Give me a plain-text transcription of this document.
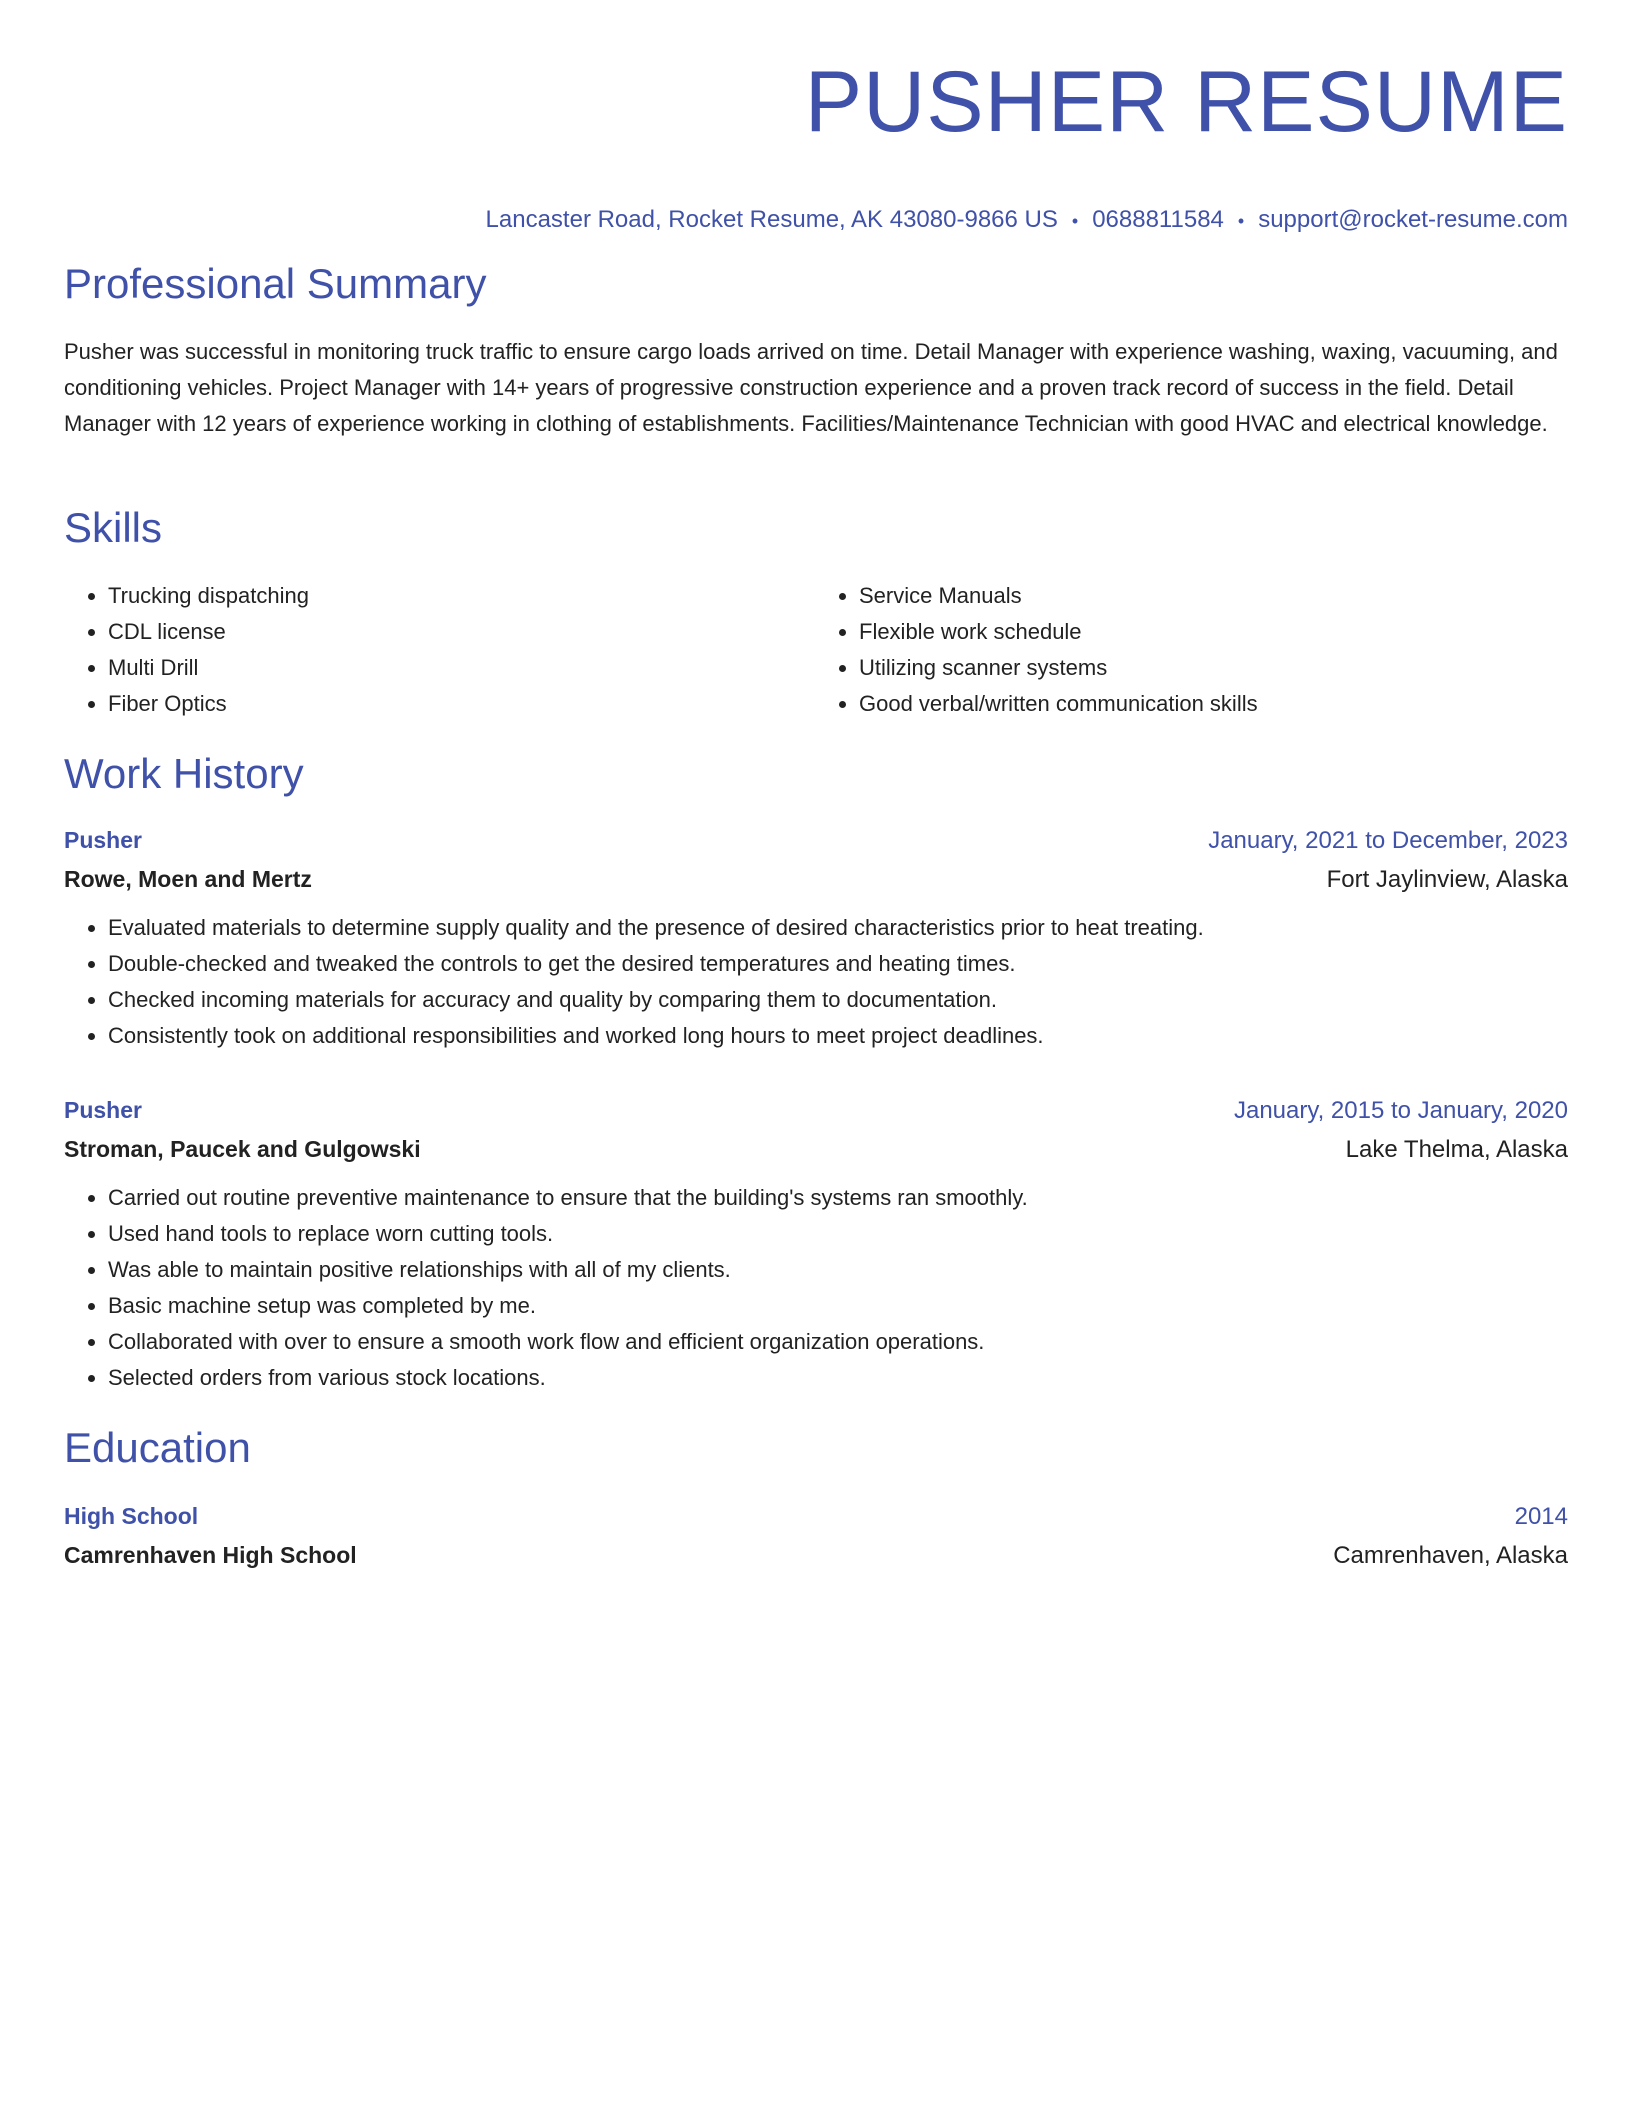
PUSHER RESUME
Lancaster Road, Rocket Resume, AK 43080-9866 US • 0688811584 • support@rocket-resume.com
Professional Summary

Pusher was successful in monitoring truck traffic to ensure cargo loads arrived on time. Detail Manager with experience washing, waxing, vacuuming, and conditioning vehicles. Project Manager with 14+ years of progressive construction experience and a proven track record of success in the field. Detail Manager with 12 years of experience working in clothing of establishments. Facilities/Maintenance Technician with good HVAC and electrical knowledge.

Skills
• Trucking dispatching
• CDL license
• Multi Drill
• Fiber Optics
• Service Manuals
• Flexible work schedule
• Utilizing scanner systems
• Good verbal/written communication skills
Work History
Pusher	January, 2021 to December, 2023
Rowe, Moen and Mertz	Fort Jaylinview, Alaska
• Evaluated materials to determine supply quality and the presence of desired characteristics prior to heat treating.
• Double-checked and tweaked the controls to get the desired temperatures and heating times.
• Checked incoming materials for accuracy and quality by comparing them to documentation.
• Consistently took on additional responsibilities and worked long hours to meet project deadlines.
Pusher	January, 2015 to January, 2020
Stroman, Paucek and Gulgowski	Lake Thelma, Alaska
• Carried out routine preventive maintenance to ensure that the building's systems ran smoothly.
• Used hand tools to replace worn cutting tools.
• Was able to maintain positive relationships with all of my clients.
• Basic machine setup was completed by me.
• Collaborated with over to ensure a smooth work flow and efficient organization operations.
• Selected orders from various stock locations.
Education
High School	2014
Camrenhaven High School	Camrenhaven, Alaska
